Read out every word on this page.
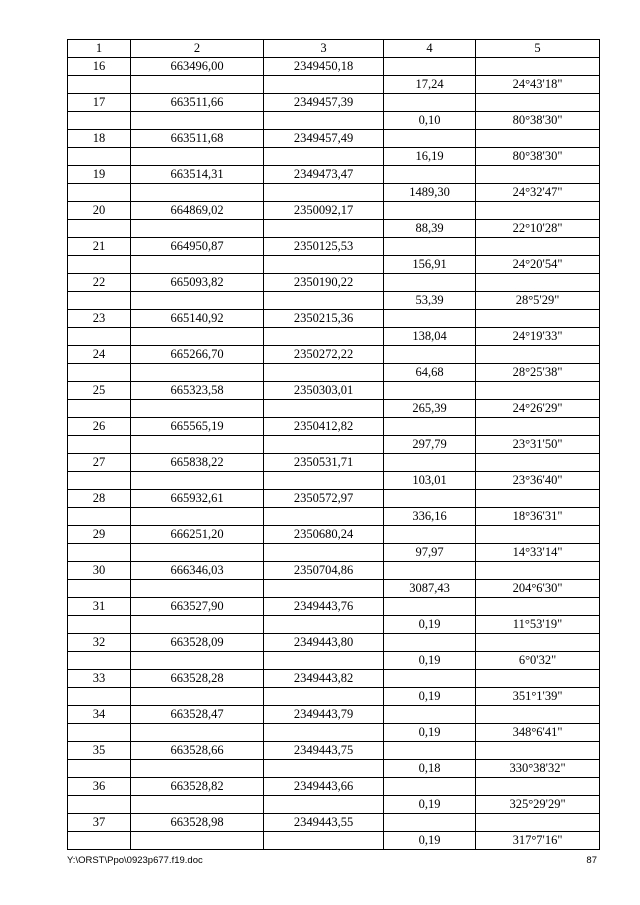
1	2	3	4	5
16	663496,00	2349450,18		
			17,24	24°43'18"
17	663511,66	2349457,39		
			0,10	80°38'30"
18	663511,68	2349457,49		
			16,19	80°38'30"
19	663514,31	2349473,47		
			1489,30	24°32'47"
20	664869,02	2350092,17		
			88,39	22°10'28"
21	664950,87	2350125,53		
			156,91	24°20'54"
22	665093,82	2350190,22		
			53,39	28°5'29"
23	665140,92	2350215,36		
			138,04	24°19'33"
24	665266,70	2350272,22		
			64,68	28°25'38"
25	665323,58	2350303,01		
			265,39	24°26'29"
26	665565,19	2350412,82		
			297,79	23°31'50"
27	665838,22	2350531,71		
			103,01	23°36'40"
28	665932,61	2350572,97		
			336,16	18°36'31"
29	666251,20	2350680,24		
			97,97	14°33'14"
30	666346,03	2350704,86		
			3087,43	204°6'30"
31	663527,90	2349443,76		
			0,19	11°53'19"
32	663528,09	2349443,80		
			0,19	6°0'32"
33	663528,28	2349443,82		
			0,19	351°1'39"
34	663528,47	2349443,79		
			0,19	348°6'41"
35	663528,66	2349443,75		
			0,18	330°38'32"
36	663528,82	2349443,66		
			0,19	325°29'29"
37	663528,98	2349443,55		
			0,19	317°7'16"
Y:\ORST\Ppo\0923p677.f19.doc	87
